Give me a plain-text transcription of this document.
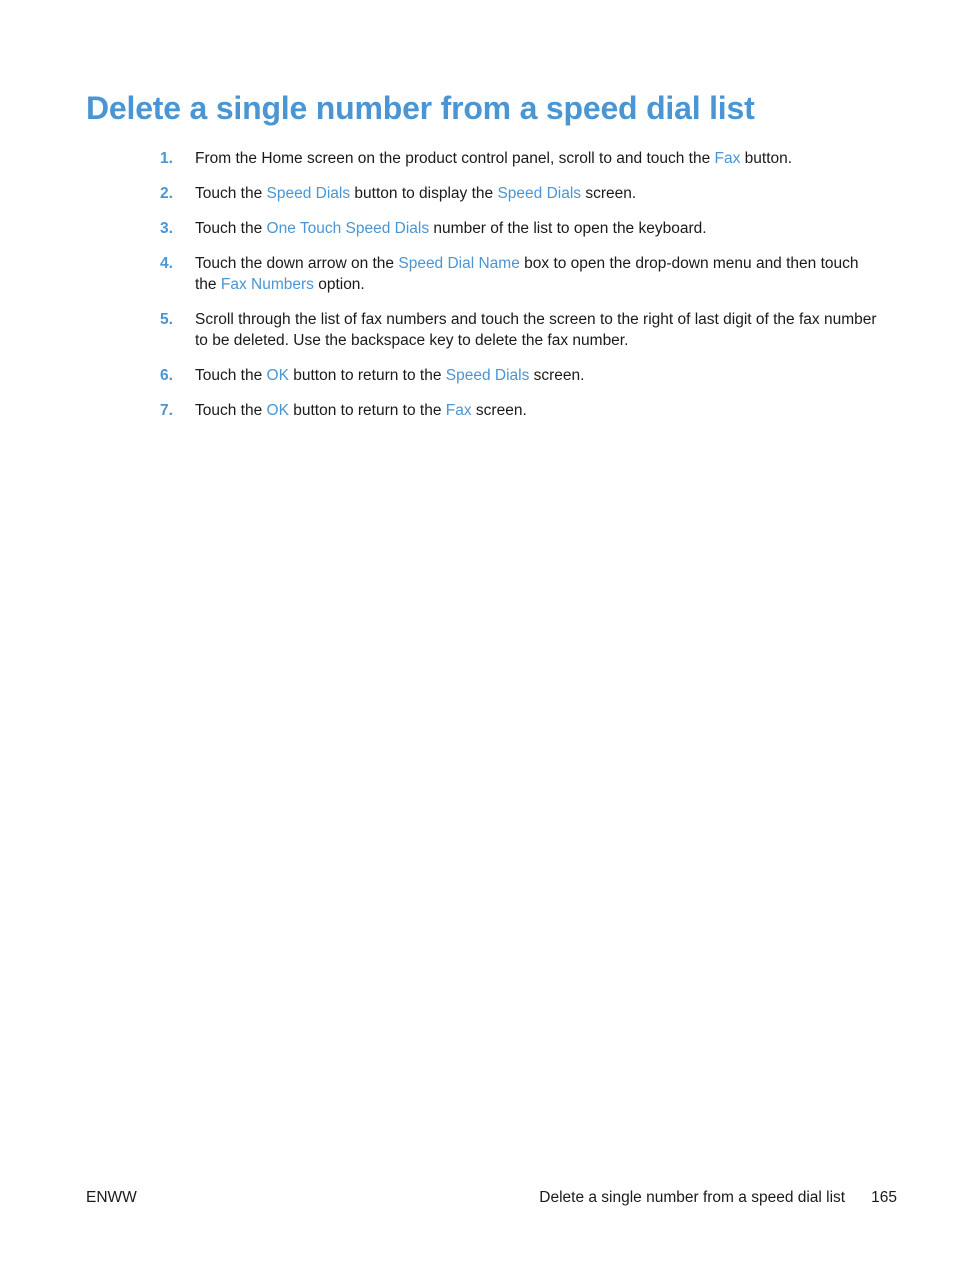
Delete a single number from a speed dial list
1. From the Home screen on the product control panel, scroll to and touch the Fax button.
2. Touch the Speed Dials button to display the Speed Dials screen.
3. Touch the One Touch Speed Dials number of the list to open the keyboard.
4. Touch the down arrow on the Speed Dial Name box to open the drop-down menu and then touch the Fax Numbers option.
5. Scroll through the list of fax numbers and touch the screen to the right of last digit of the fax number to be deleted. Use the backspace key to delete the fax number.
6. Touch the OK button to return to the Speed Dials screen.
7. Touch the OK button to return to the Fax screen.
ENWW	Delete a single number from a speed dial list 165
